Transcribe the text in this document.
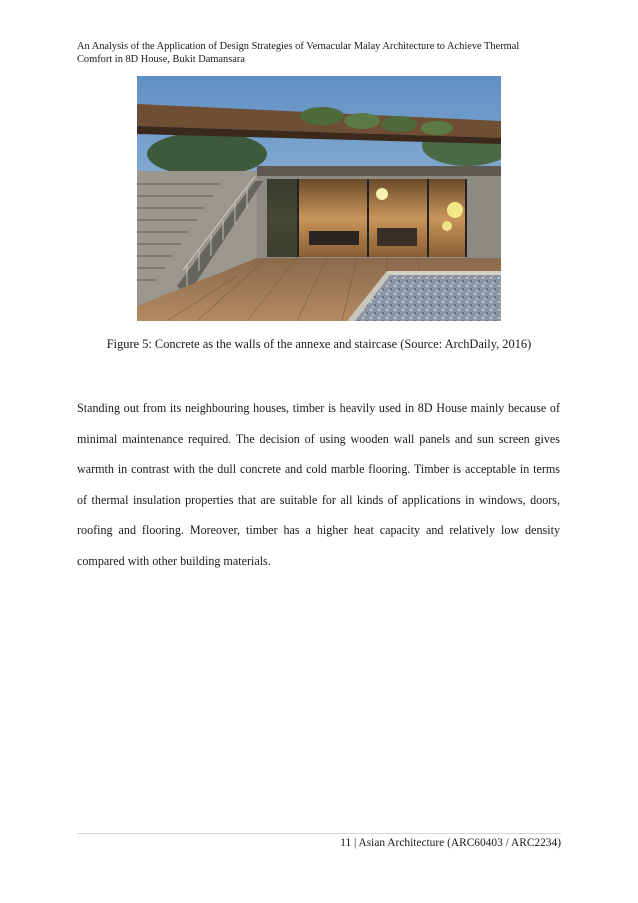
An Analysis of the Application of Design Strategies of Vernacular Malay Architecture to Achieve Thermal Comfort in 8D House, Bukit Damansara
Figure 5: Concrete as the walls of the annexe and staircase (Source: ArchDaily, 2016)

Standing out from its neighbouring houses, timber is heavily used in 8D House mainly because of minimal maintenance required. The decision of using wooden wall panels and sun screen gives warmth in contrast with the dull concrete and cold marble flooring. Timber is acceptable in terms of thermal insulation properties that are suitable for all kinds of applications in windows, doors, roofing and flooring. Moreover, timber has a higher heat capacity and relatively low density compared with other building materials.

11 | Asian Architecture (ARC60403 / ARC2234)
